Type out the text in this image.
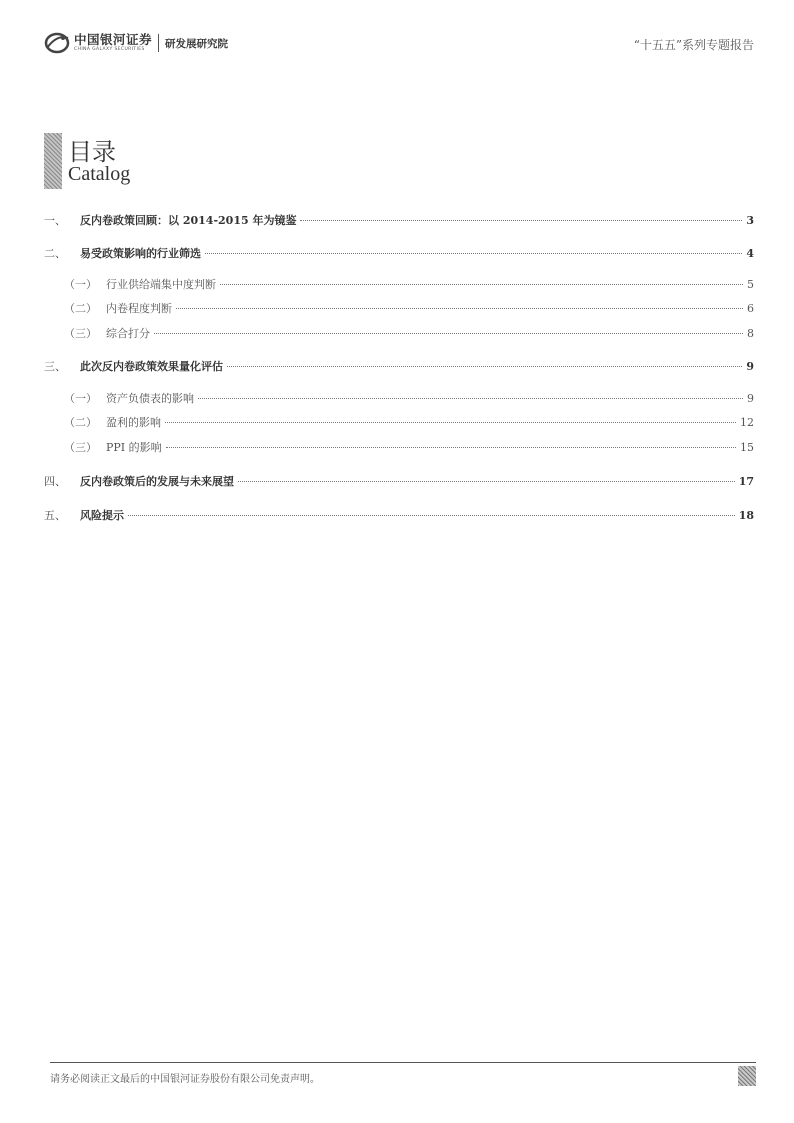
中国银河证券
CHINA GALAXY SECURITIES	研发展研究院	“十五五”系列专题报告
目录
Catalog
一、	反内卷政策回顾：以 2014-2015 年为镜鉴	3
二、	易受政策影响的行业筛选	4
（一） 行业供给端集中度判断	5
（二） 内卷程度判断	6
（三） 综合打分	8
三、	此次反内卷政策效果量化评估	9
（一） 资产负债表的影响	9
（二） 盈利的影响	12
（三） PPI 的影响	15
四、	反内卷政策后的发展与未来展望	17
五、	风险提示	18
请务必阅读正文最后的中国银河证券股份有限公司免责声明。
